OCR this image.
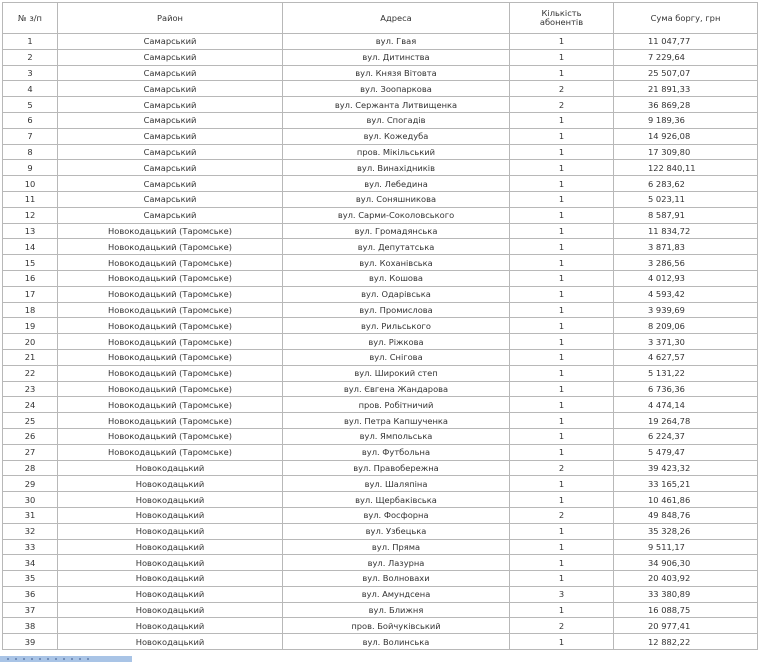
№ з/п	Район	Адреса	Кількість абонентів	Сума боргу, грн
1	Самарський	вул. Гвая	1	11 047,77
2	Самарський	вул. Дитинства	1	7 229,64
3	Самарський	вул. Князя Вітовта	1	25 507,07
4	Самарський	вул. Зоопаркова	2	21 891,33
5	Самарський	вул. Сержанта Литвищенка	2	36 869,28
6	Самарський	вул. Спогадів	1	9 189,36
7	Самарський	вул. Кожедуба	1	14 926,08
8	Самарський	пров. Мікільський	1	17 309,80
9	Самарський	вул. Винахідників	1	122 840,11
10	Самарський	вул. Лебедина	1	6 283,62
11	Самарський	вул. Соняшникова	1	5 023,11
12	Самарський	вул. Сарми-Соколовського	1	8 587,91
13	Новокодацький (Таромське)	вул. Громадянська	1	11 834,72
14	Новокодацький (Таромське)	вул. Депутатська	1	3 871,83
15	Новокодацький (Таромське)	вул. Коханівська	1	3 286,56
16	Новокодацький (Таромське)	вул. Кошова	1	4 012,93
17	Новокодацький (Таромське)	вул. Одарівська	1	4 593,42
18	Новокодацький (Таромське)	вул. Промислова	1	3 939,69
19	Новокодацький (Таромське)	вул. Рильського	1	8 209,06
20	Новокодацький (Таромське)	вул. Ріжкова	1	3 371,30
21	Новокодацький (Таромське)	вул. Снігова	1	4 627,57
22	Новокодацький (Таромське)	вул. Широкий степ	1	5 131,22
23	Новокодацький (Таромське)	вул. Євгена Жандарова	1	6 736,36
24	Новокодацький (Таромське)	пров. Робітничий	1	4 474,14
25	Новокодацький (Таромське)	вул. Петра Капшученка	1	19 264,78
26	Новокодацький (Таромське)	вул. Ямпольська	1	6 224,37
27	Новокодацький (Таромське)	вул. Футбольна	1	5 479,47
28	Новокодацький	вул. Правобережна	2	39 423,32
29	Новокодацький	вул. Шаляпіна	1	33 165,21
30	Новокодацький	вул. Щербаківська	1	10 461,86
31	Новокодацький	вул. Фосфорна	2	49 848,76
32	Новокодацький	вул. Узбецька	1	35 328,26
33	Новокодацький	вул. Пряма	1	9 511,17
34	Новокодацький	вул. Лазурна	1	34 906,30
35	Новокодацький	вул. Волновахи	1	20 403,92
36	Новокодацький	вул. Амундсена	3	33 380,89
37	Новокодацький	вул. Ближня	1	16 088,75
38	Новокодацький	пров. Бойчуківський	2	20 977,41
39	Новокодацький	вул. Волинська	1	12 882,22
